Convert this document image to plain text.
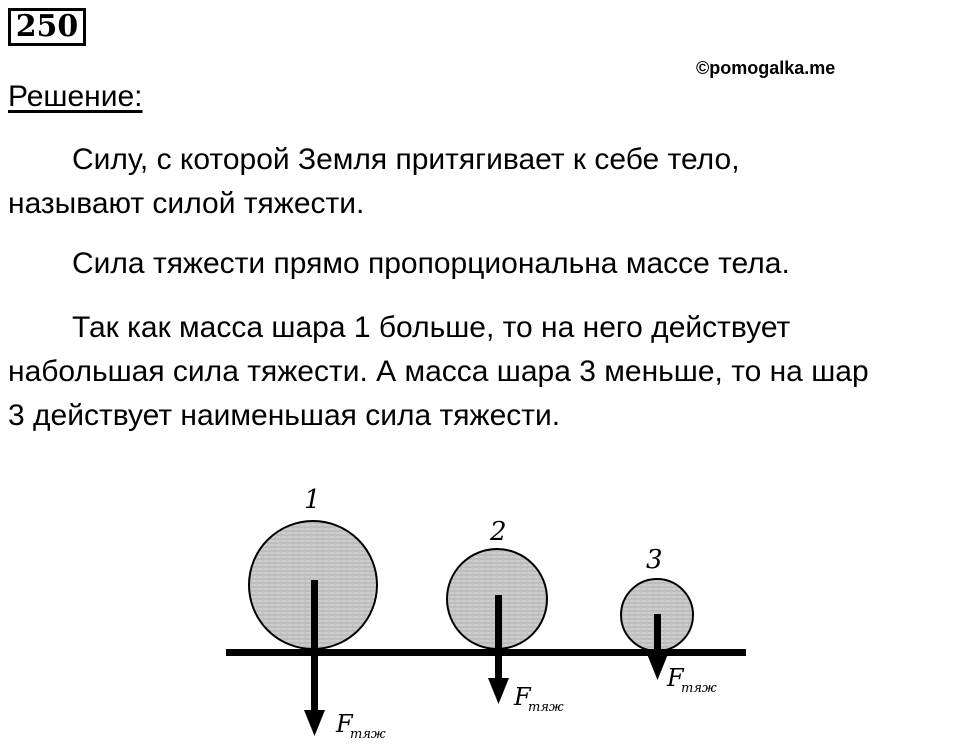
250
©pomogalka.me
Решение:
Силу, с которой Земля притягивает к себе тело,
называют силой тяжести.
Сила тяжести прямо пропорциональна массе тела.
Так как масса шара 1 больше, то на него действует
набольшая сила тяжести. А масса шара 3 меньше, то на шар
3 действует наименьшая сила тяжести.
1
2
3
F
тяж
F
тяж
F
тяж
